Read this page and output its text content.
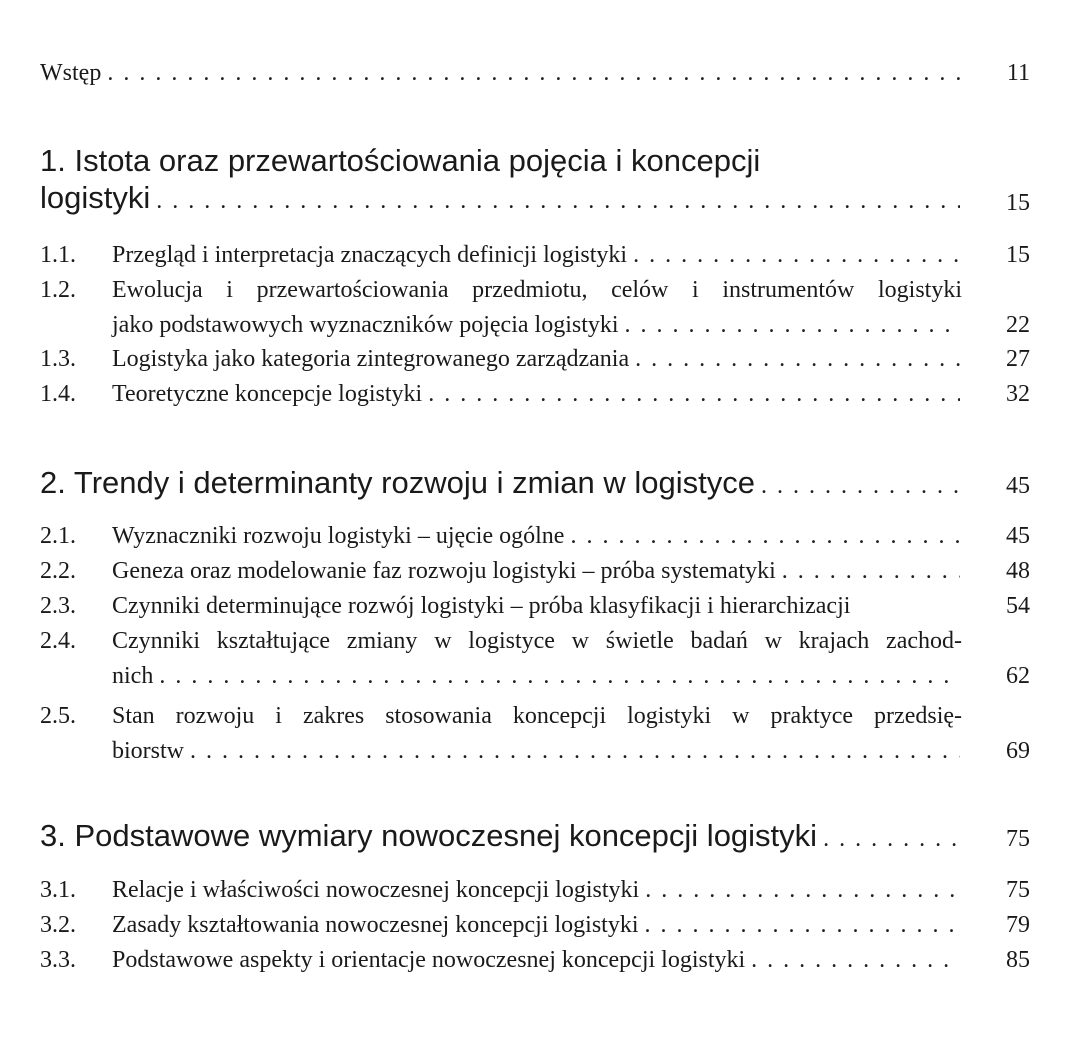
Wstęp . . .	11
1. Istota oraz przewartościowania pojęcia i koncepcji
logistyki . . .	15
1.1. Przegląd i interpretacja znaczących definicji logistyki . . .	15
1.2. Ewolucja i przewartościowania przedmiotu, celów i instrumentów logistyki
jako podstawowych wyznaczników pojęcia logistyki . . .	22
1.3. Logistyka jako kategoria zintegrowanego zarządzania . . .	27
1.4. Teoretyczne koncepcje logistyki . . .	32
2. Trendy i determinanty rozwoju i zmian w logistyce . . .	45
2.1. Wyznaczniki rozwoju logistyki – ujęcie ogólne . . .	45
2.2. Geneza oraz modelowanie faz rozwoju logistyki – próba systematyki . . .	48
2.3. Czynniki determinujące rozwój logistyki – próba klasyfikacji i hierarchizacji	54
2.4. Czynniki kształtujące zmiany w logistyce w świetle badań w krajach zachod-
nich . . .	62
2.5. Stan rozwoju i zakres stosowania koncepcji logistyki w praktyce przedsię-
biorstw . . .	69
3. Podstawowe wymiary nowoczesnej koncepcji logistyki . . .	75
3.1. Relacje i właściwości nowoczesnej koncepcji logistyki . . .	75
3.2. Zasady kształtowania nowoczesnej koncepcji logistyki . . .	79
3.3. Podstawowe aspekty i orientacje nowoczesnej koncepcji logistyki . . .	85
